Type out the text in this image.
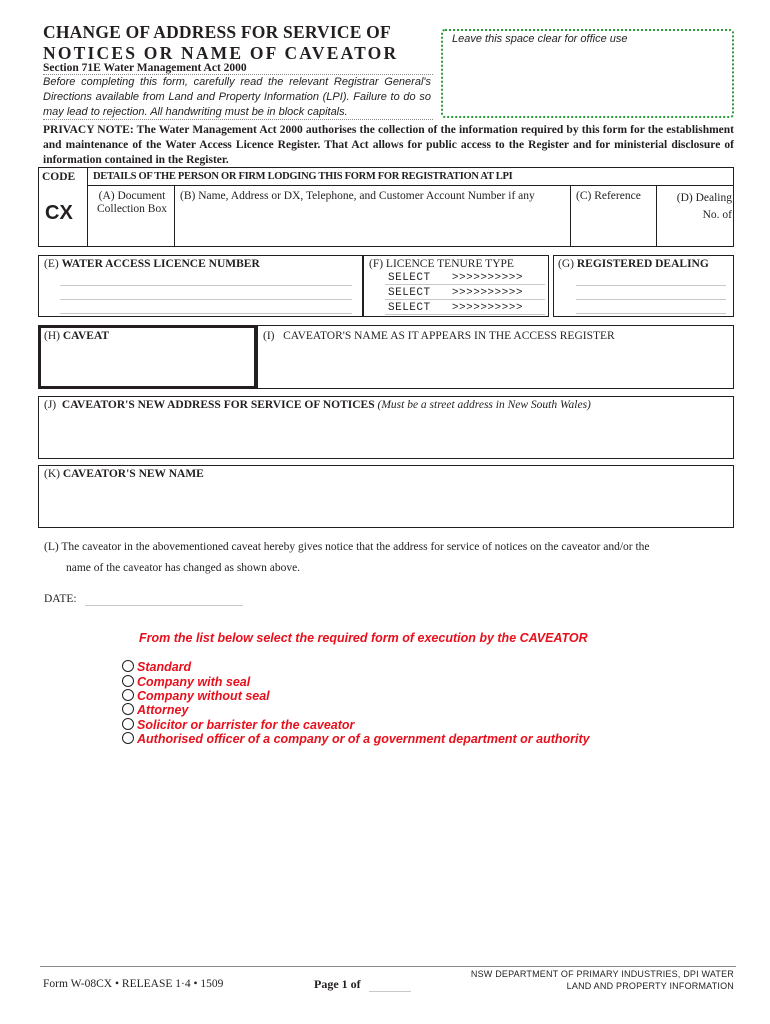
CHANGE OF ADDRESS FOR SERVICE OF
NOTICES OR NAME OF CAVEATOR
Leave this space clear for office use
Section 71E Water Management Act 2000
Before completing this form, carefully read the relevant Registrar General's Directions available from Land and Property Information (LPI). Failure to do so may lead to rejection. All handwriting must be in block capitals.
PRIVACY NOTE: The Water Management Act 2000 authorises the collection of the information required by this form for the establishment and maintenance of the Water Access Licence Register. That Act allows for public access to the Register and for ministerial disclosure of information contained in the Register.
CODE
CX
DETAILS OF THE PERSON OR FIRM LODGING THIS FORM FOR REGISTRATION AT LPI
(A) Document Collection Box
(B) Name, Address or DX, Telephone, and Customer Account Number if any	(C) Reference	(D) Dealing No. of
(E) WATER ACCESS LICENCE NUMBER	(F) LICENCE TENURE TYPE
SELECT >>>>>>>>>>
SELECT >>>>>>>>>>
SELECT >>>>>>>>>>
(G) REGISTERED DEALING
(H) CAVEAT	(I)   CAVEATOR'S NAME AS IT APPEARS IN THE ACCESS REGISTER
(J) CAVEATOR'S NEW ADDRESS FOR SERVICE OF NOTICES (Must be a street address in New South Wales)
(K) CAVEATOR'S NEW NAME
(L) The caveator in the abovementioned caveat hereby gives notice that the address for service of notices on the caveator and/or the
name of the caveator has changed as shown above.
DATE:
From the list below select the required form of execution by the CAVEATOR
Standard
Company with seal
Company without seal
Attorney
Solicitor or barrister for the caveator
Authorised officer of a company or of a government department or authority
Form W-08CX • RELEASE 1·4 • 1509	Page 1 of
NSW DEPARTMENT OF PRIMARY INDUSTRIES, DPI WATER
LAND AND PROPERTY INFORMATION
